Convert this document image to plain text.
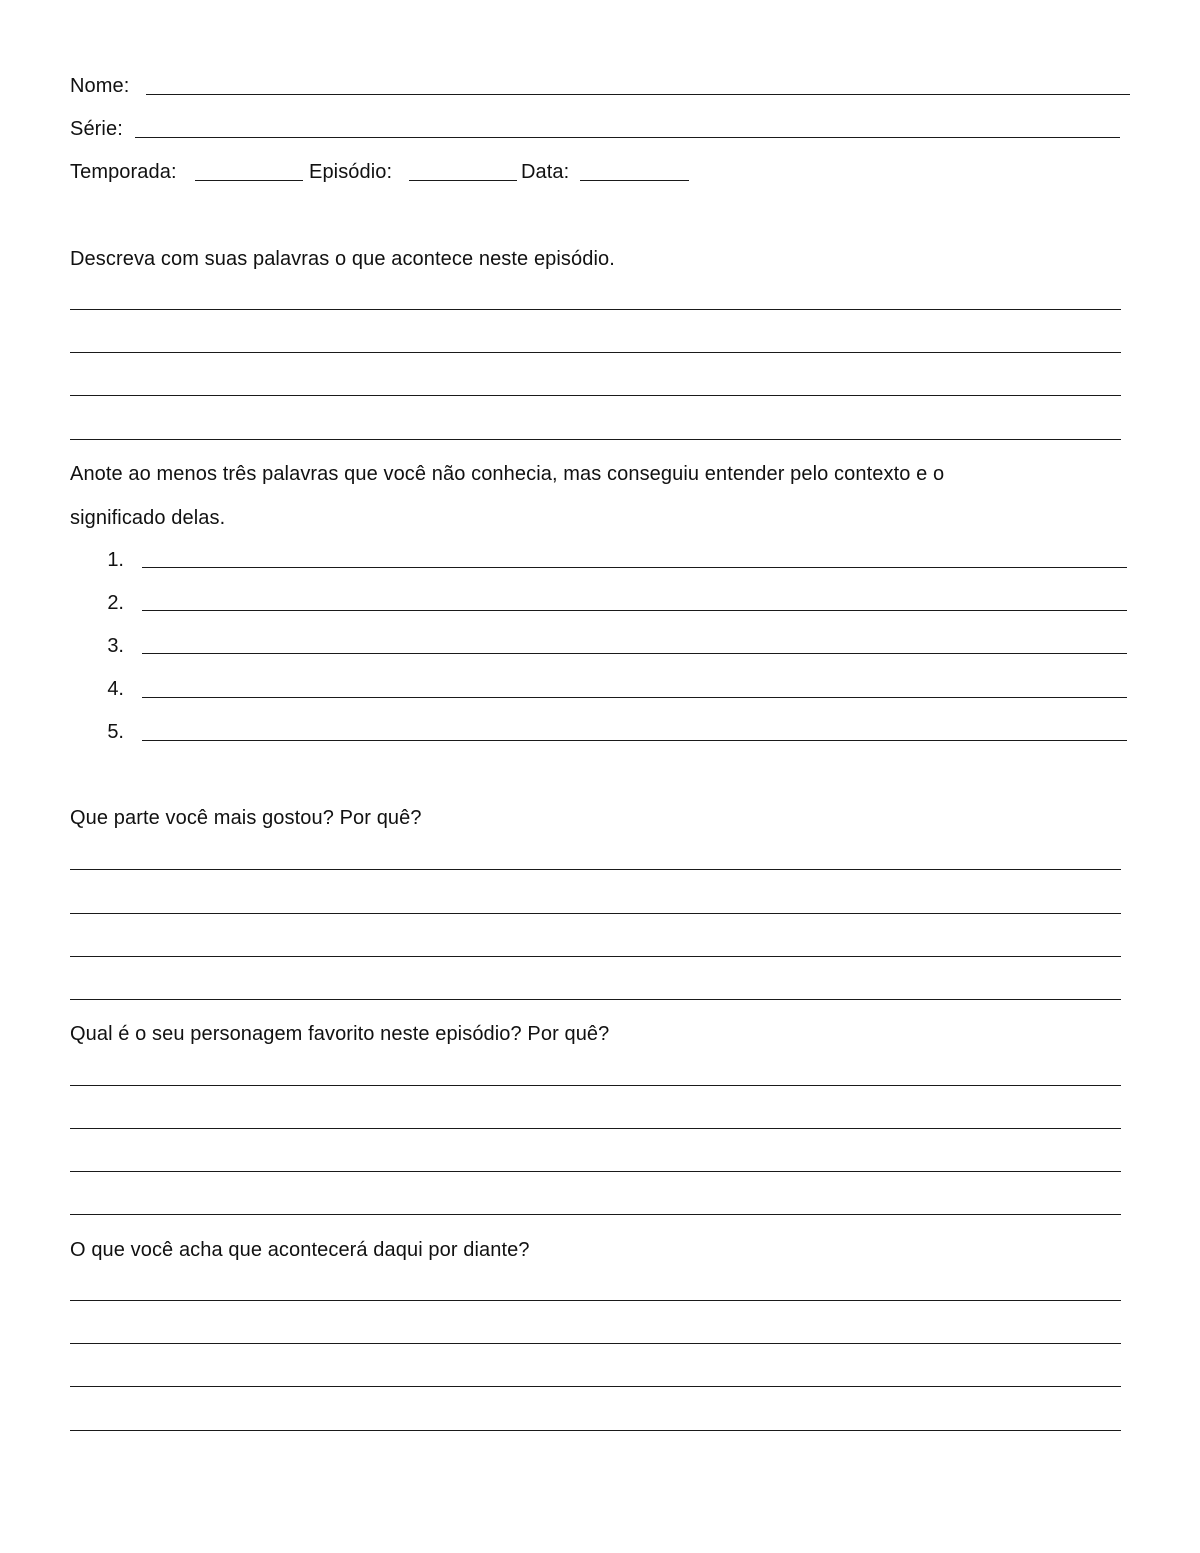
Nome:
Série:
Temporada:	Episódio:	Data:
Descreva com suas palavras o que acontece neste episódio.
Anote ao menos três palavras que você não conhecia, mas conseguiu entender pelo contexto e o
significado delas.
1.
2.
3.
4.
5.
Que parte você mais gostou? Por quê?
Qual é o seu personagem favorito neste episódio? Por quê?
O que você acha que acontecerá daqui por diante?
